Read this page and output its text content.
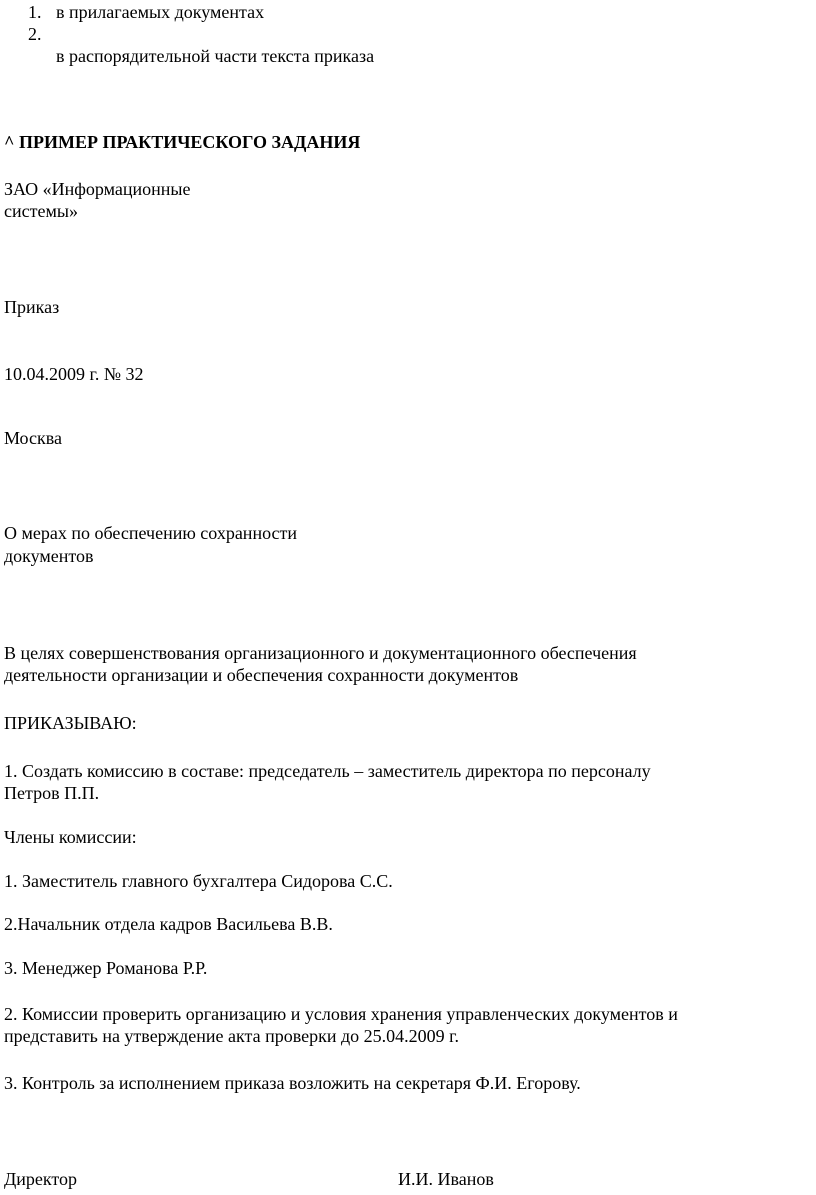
1. в прилагаемых документах
2.
в распорядительной части текста приказа
^ ПРИМЕР ПРАКТИЧЕСКОГО ЗАДАНИЯ
ЗАО «Информационные
системы»
Приказ
10.04.2009 г. № 32
Москва
О мерах по обеспечению сохранности
документов
В целях совершенствования организационного и документационного обеспечения
деятельности организации и обеспечения сохранности документов
ПРИКАЗЫВАЮ:
1. Создать комиссию в составе: председатель – заместитель директора по персоналу
Петров П.П.
Члены комиссии:
1. Заместитель главного бухгалтера Сидорова С.С.
2.Начальник отдела кадров Васильева В.В.
3. Менеджер Романова Р.Р.
2. Комиссии проверить организацию и условия хранения управленческих документов и
представить на утверждение акта проверки до 25.04.2009 г.
3. Контроль за исполнением приказа возложить на секретаря Ф.И. Егорову.
Директор	И.И. Иванов
